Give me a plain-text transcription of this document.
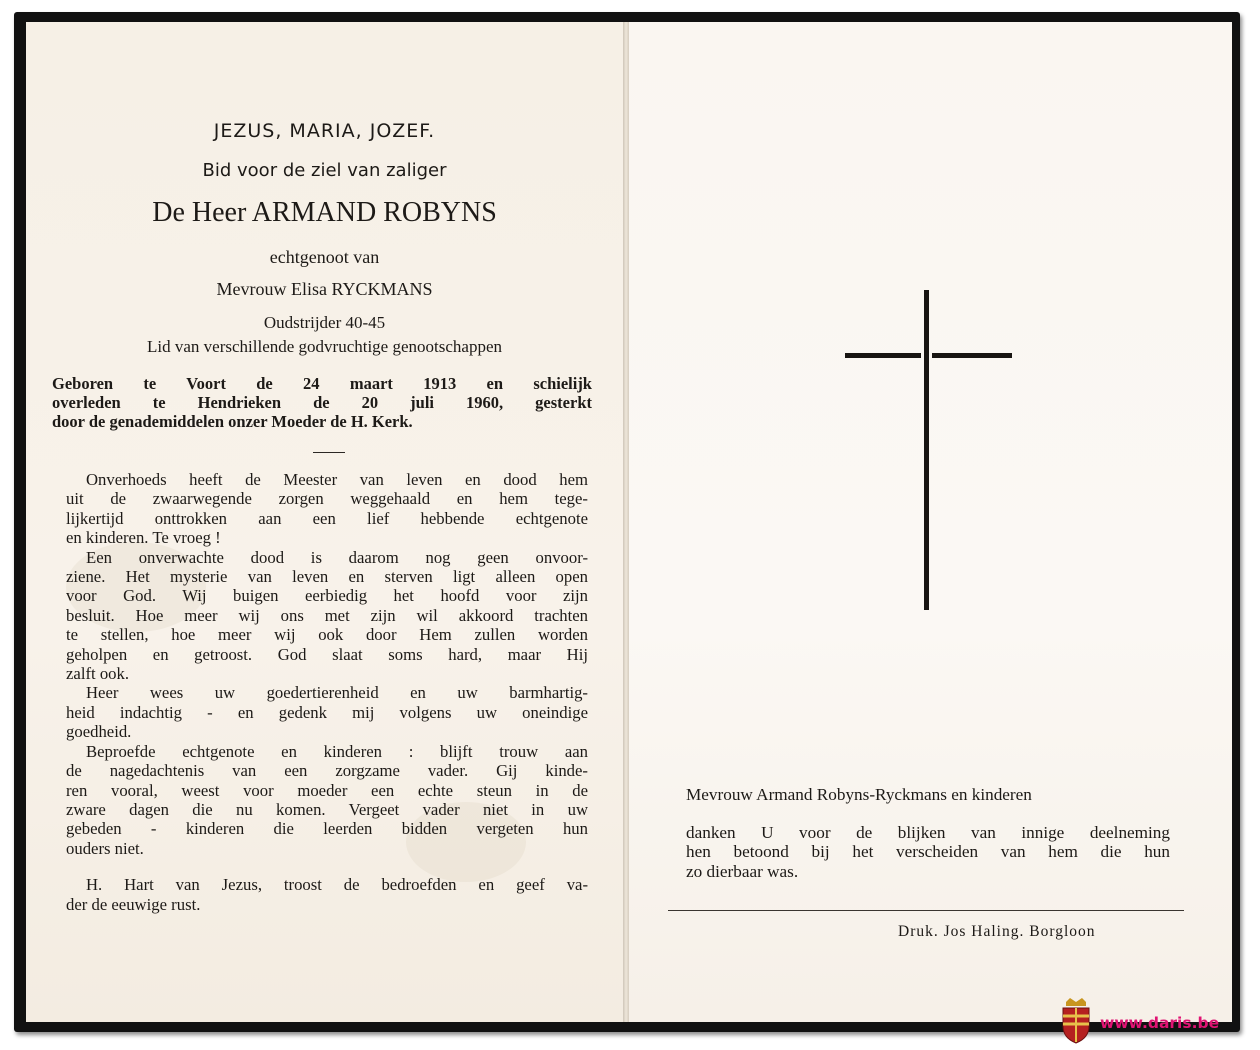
JEZUS, MARIA, JOZEF.
Bid voor de ziel van zaliger
De Heer ARMAND ROBYNS
echtgenoot van
Mevrouw Elisa RYCKMANS
Oudstrijder 40-45
Lid van verschillende godvruchtige genootschappen
Geboren te Voort de 24 maart 1913 en schielijk
overleden te Hendrieken de 20 juli 1960, gesterkt
door de genademiddelen onzer Moeder de H. Kerk.
Onverhoeds heeft de Meester van leven en dood hem
uit de zwaarwegende zorgen weggehaald en hem tege-
lijkertijd onttrokken aan een lief hebbende echtgenote
en kinderen. Te vroeg !
Een onverwachte dood is daarom nog geen onvoor-
ziene. Het mysterie van leven en sterven ligt alleen open
voor God. Wij buigen eerbiedig het hoofd voor zijn
besluit. Hoe meer wij ons met zijn wil akkoord trachten
te stellen, hoe meer wij ook door Hem zullen worden
geholpen en getroost. God slaat soms hard, maar Hij
zalft ook.
Heer wees uw goedertierenheid en uw barmhartig-
heid indachtig - en gedenk mij volgens uw oneindige
goedheid.
Beproefde echtgenote en kinderen : blijft trouw aan
de nagedachtenis van een zorgzame vader. Gij kinde-
ren vooral, weest voor moeder een echte steun in de
zware dagen die nu komen. Vergeet vader niet in uw
gebeden - kinderen die leerden bidden vergeten hun
ouders niet.
H. Hart van Jezus, troost de bedroefden en geef va-
der de eeuwige rust.
Mevrouw Armand Robyns-Ryckmans en kinderen
danken U voor de blijken van innige deelneming
hen betoond bij het verscheiden van hem die hun
zo dierbaar was.
Druk. Jos Haling. Borgloon
www.daris.be
